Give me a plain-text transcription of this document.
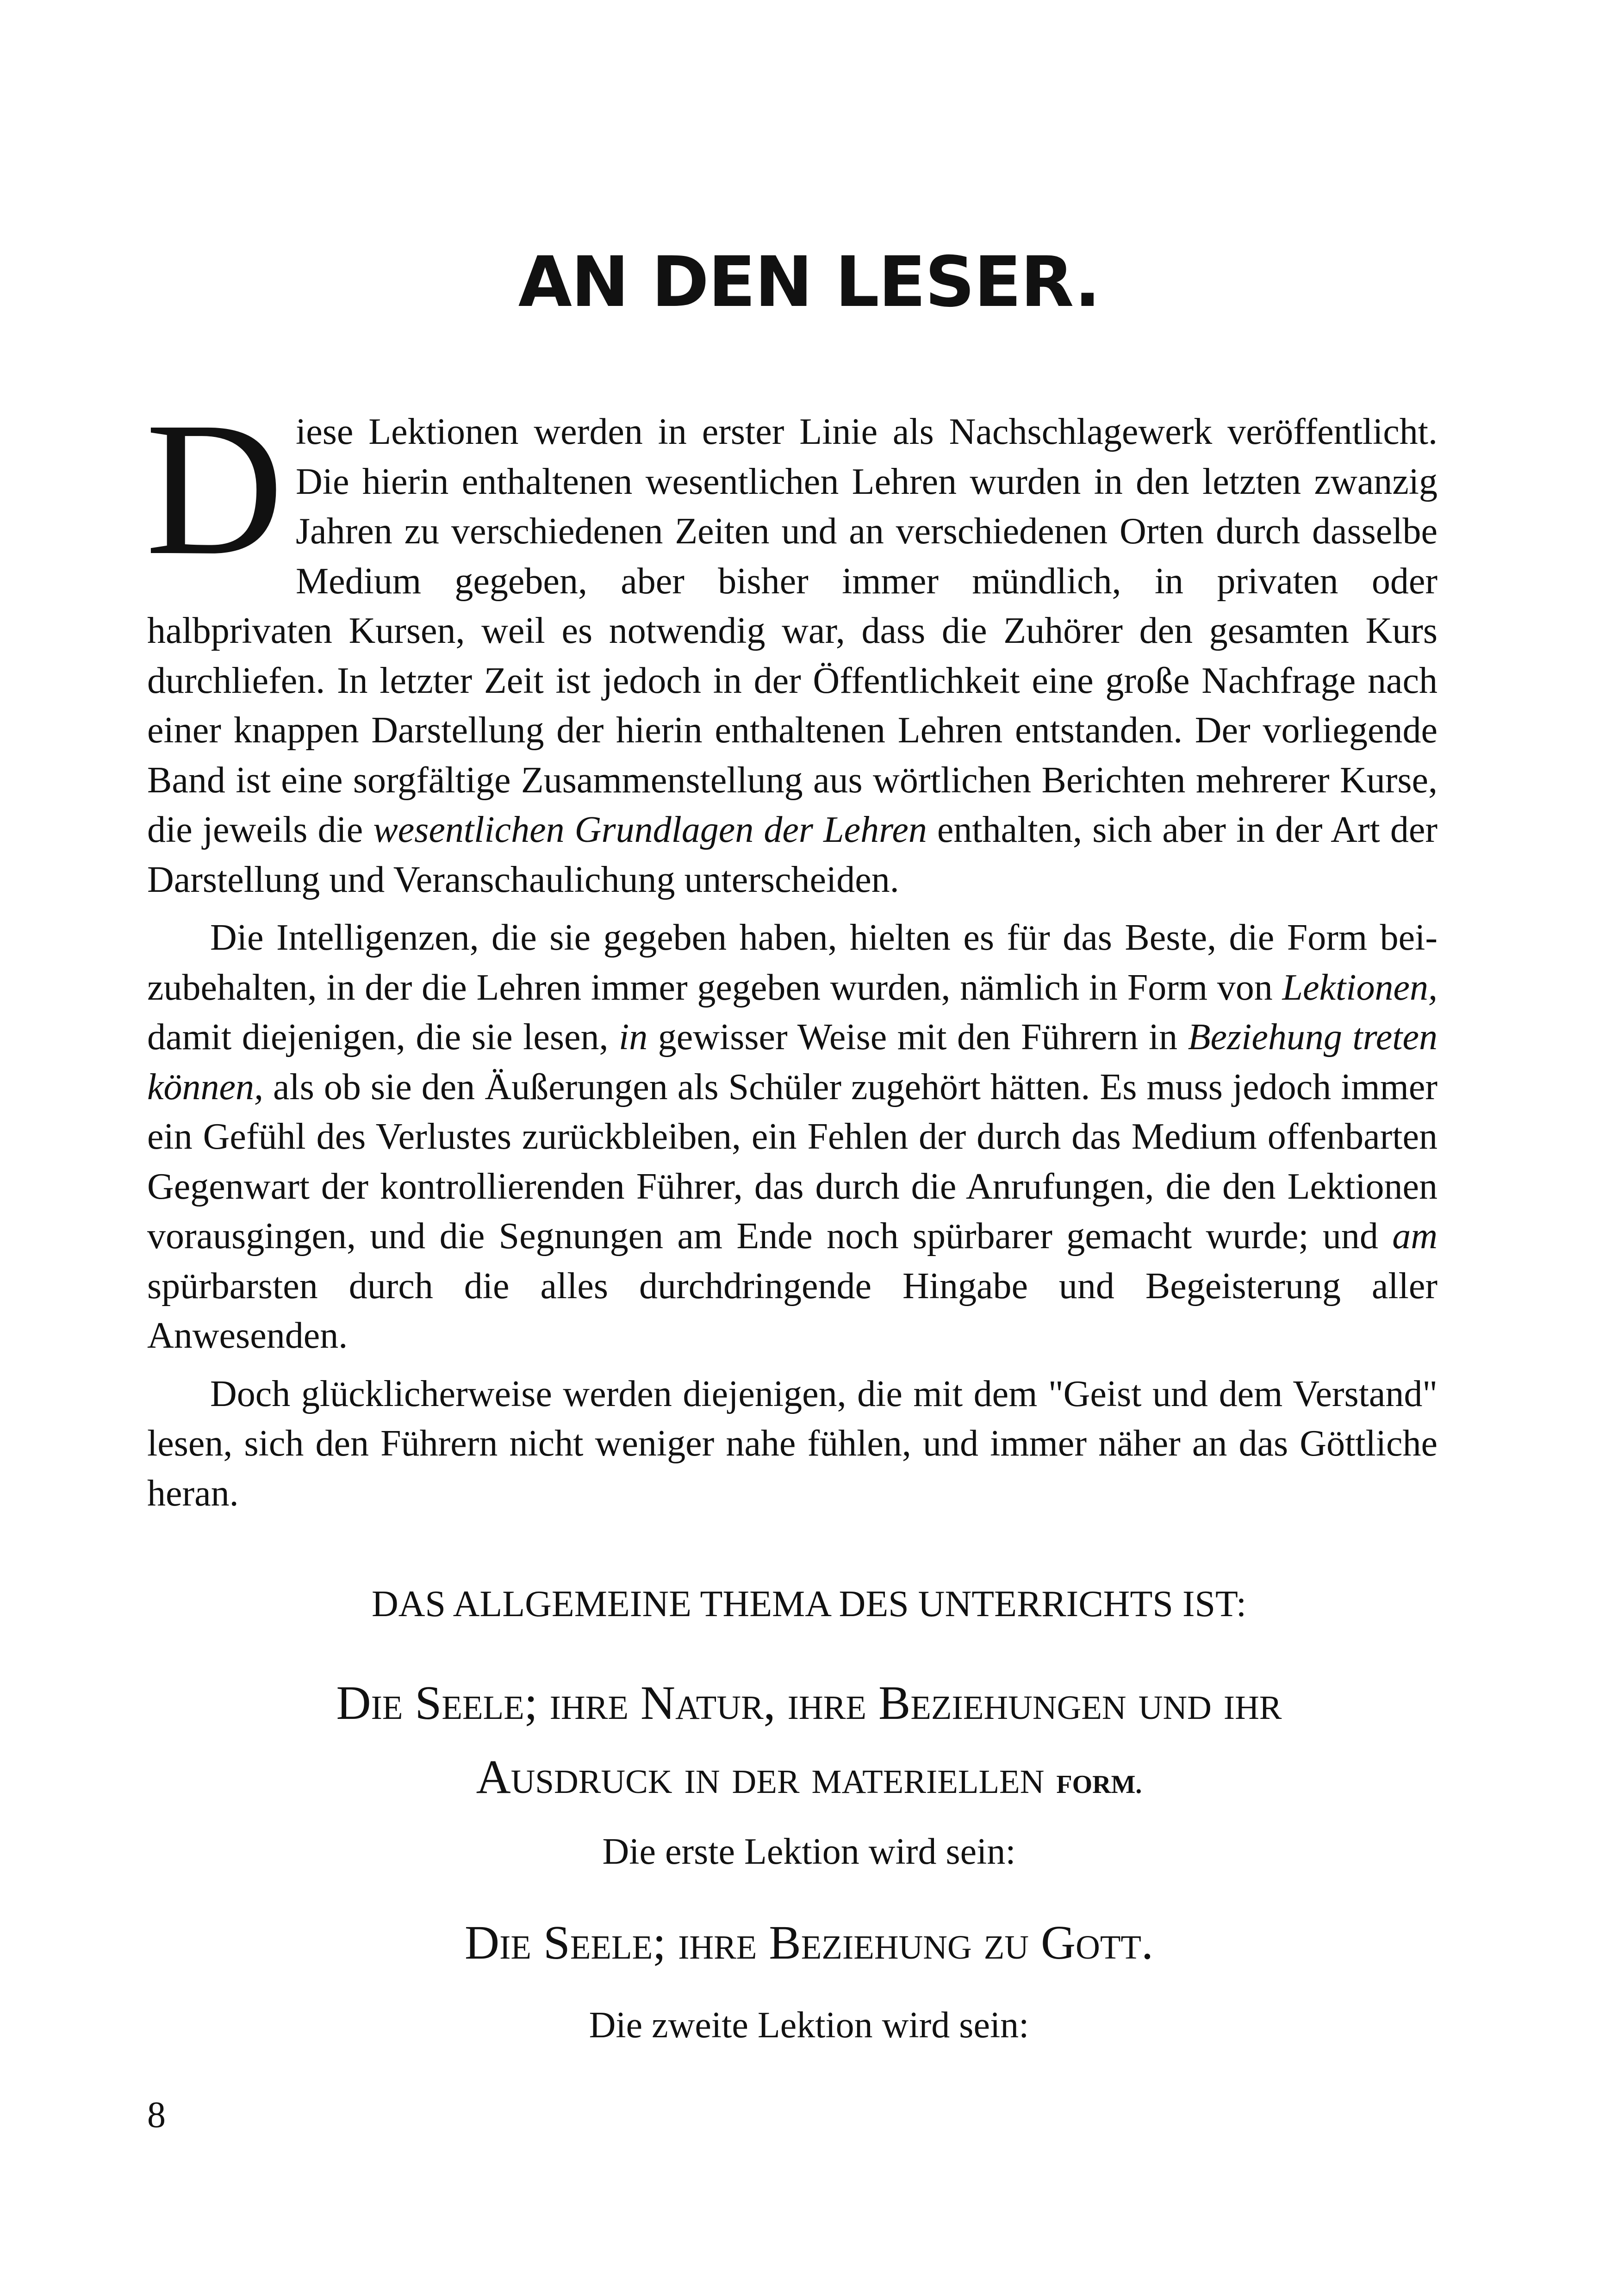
AN DEN LESER.

Diese Lektionen werden in erster Linie als Nachschlagewerk veröffentlicht. Die hierin enthaltenen wesentlichen Lehren wurden in den letzten zwanzig Jahren zu verschiedenen Zeiten und an verschiedenen Orten durch dasselbe Medium gegeben, aber bisher immer mündlich, in privaten oder halbprivaten Kursen, weil es notwendig war, dass die Zuhörer den gesamten Kurs durchliefen. In letzter Zeit ist jedoch in der Öffentlichkeit eine große Nachfrage nach einer knappen Darstellung der hierin enthaltenen Lehren entstanden. Der vorliegende Band ist eine sorgfältige Zusammenstellung aus wörtlichen Berichten mehrerer Kurse, die jeweils die wesentlichen Grundlagen der Lehren enthalten, sich aber in der Art der Darstellung und Veranschaulichung unterscheiden.

Die Intelligenzen, die sie gegeben haben, hielten es für das Beste, die Form beizubehalten, in der die Lehren immer gegeben wurden, nämlich in Form von Lektionen, damit diejenigen, die sie lesen, in gewisser Weise mit den Führern in Beziehung treten können, als ob sie den Äußerungen als Schüler zugehört hätten. Es muss jedoch immer ein Gefühl des Verlustes zurückbleiben, ein Fehlen der durch das Medium offenbarten Gegenwart der kontrollierenden Führer, das durch die Anrufungen, die den Lektionen vorausgingen, und die Segnungen am Ende noch spürbarer gemacht wurde; und am spürbarsten durch die alles durchdringende Hingabe und Begeisterung aller Anwesenden.

Doch glücklicherweise werden diejenigen, die mit dem "Geist und dem Verstand" lesen, sich den Führern nicht weniger nahe fühlen, und immer näher an das Göttliche heran.

DAS ALLGEMEINE THEMA DES UNTERRICHTS IST:
Die Seele; ihre Natur, ihre Beziehungen und ihr
Ausdruck in der materiellen FORM.
Die erste Lektion wird sein:
Die Seele; ihre Beziehung zu Gott.
Die zweite Lektion wird sein:
8
